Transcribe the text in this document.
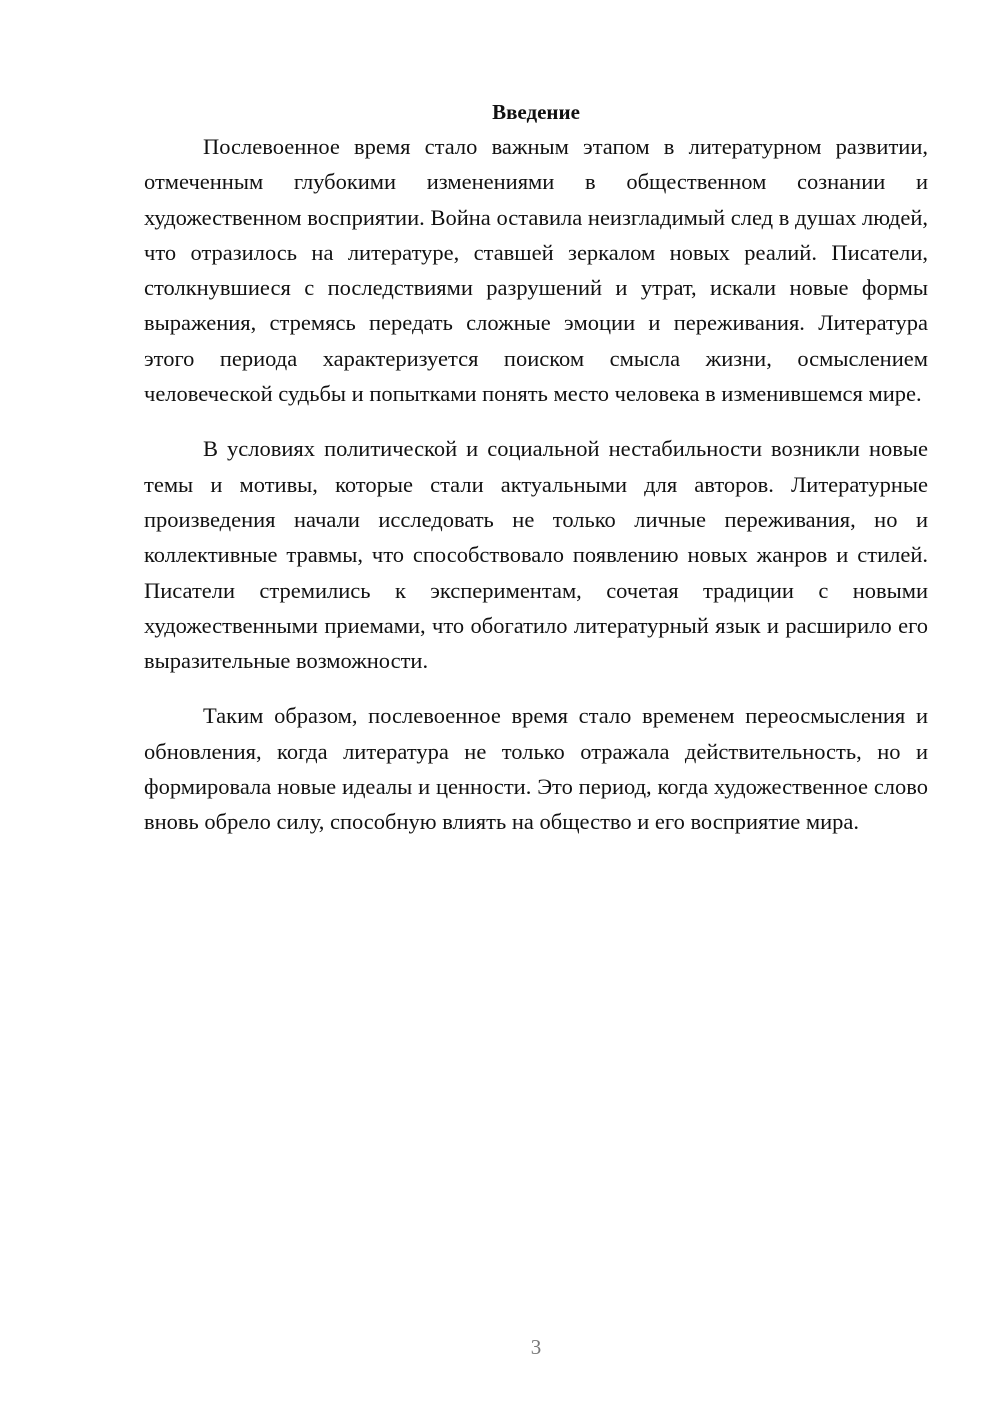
Введение

Послевоенное время стало важным этапом в литературном развитии, отмеченным глубокими изменениями в общественном сознании и художественном восприятии. Война оставила неизгладимый след в душах людей, что отразилось на литературе, ставшей зеркалом новых реалий. Писатели, столкнувшиеся с последствиями разрушений и утрат, искали новые формы выражения, стремясь передать сложные эмоции и переживания. Литература этого периода характеризуется поиском смысла жизни, осмыслением человеческой судьбы и попытками понять место человека в изменившемся мире.

В условиях политической и социальной нестабильности возникли новые темы и мотивы, которые стали актуальными для авторов. Литературные произведения начали исследовать не только личные переживания, но и коллективные травмы, что способствовало появлению новых жанров и стилей. Писатели стремились к экспериментам, сочетая традиции с новыми художественными приемами, что обогатило литературный язык и расширило его выразительные возможности.

Таким образом, послевоенное время стало временем переосмысления и обновления, когда литература не только отражала действительность, но и формировала новые идеалы и ценности. Это период, когда художественное слово вновь обрело силу, способную влиять на общество и его восприятие мира.

3
